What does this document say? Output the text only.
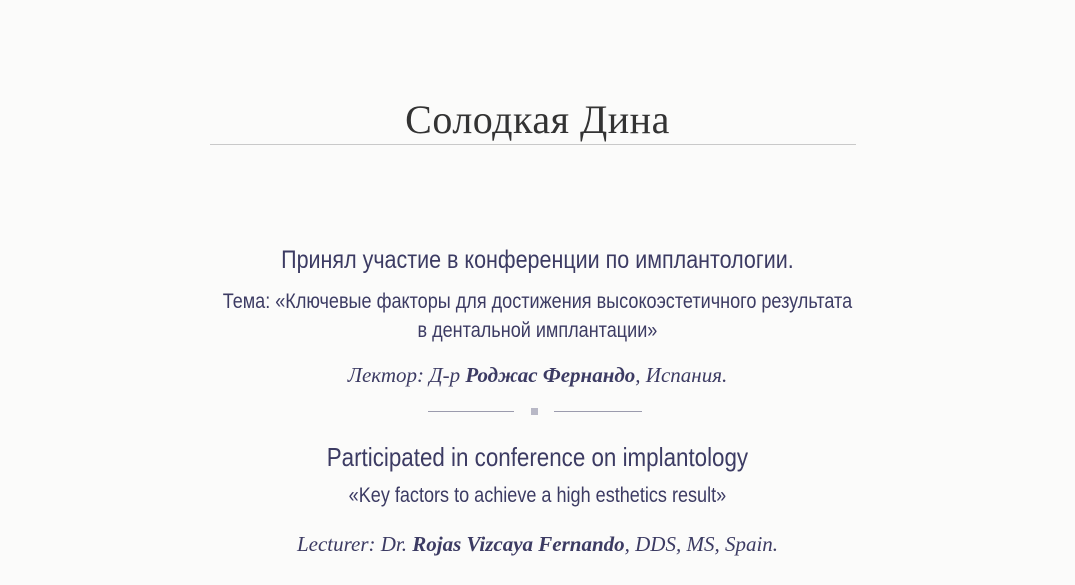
Солодкая Дина
Принял участие в конференции по имплантологии.
Тема: «Ключевые факторы для достижения высокоэстетичного результата
в дентальной имплантации»
Лектор: Д-р Роджас Фернандо, Испания.
Participated in conference on implantology
«Key factors to achieve a high esthetics result»
Lecturer: Dr. Rojas Vizcaya Fernando, DDS, MS, Spain.
